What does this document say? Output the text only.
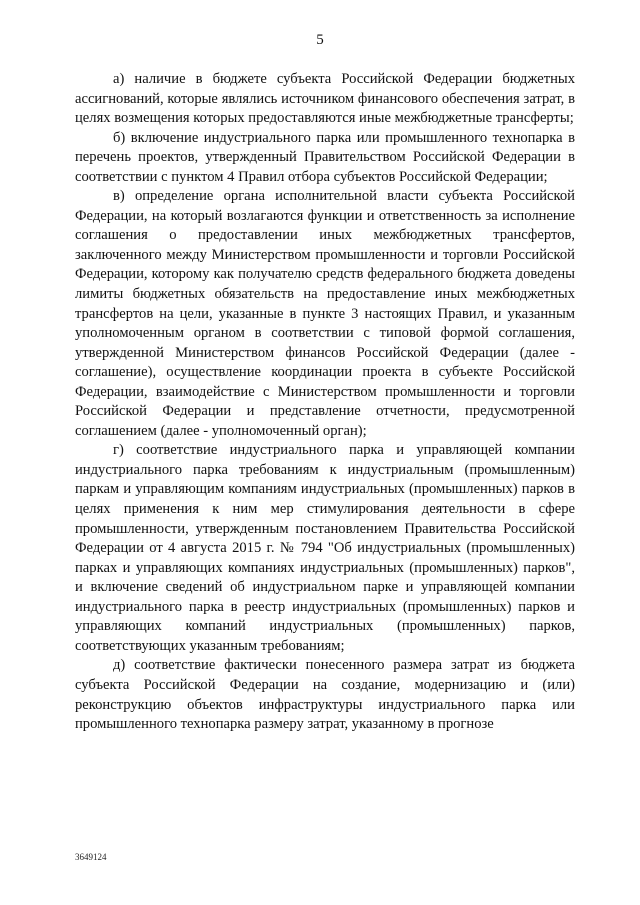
5

а) наличие в бюджете субъекта Российской Федерации бюджетных ассигнований, которые являлись источником финансового обеспечения затрат, в целях возмещения которых предоставляются иные межбюджетные трансферты;

б) включение индустриального парка или промышленного технопарка в перечень проектов, утвержденный Правительством Российской Федерации в соответствии с пунктом 4 Правил отбора субъектов Российской Федерации;

в) определение органа исполнительной власти субъекта Российской Федерации, на который возлагаются функции и ответственность за исполнение соглашения о предоставлении иных межбюджетных трансфертов, заключенного между Министерством промышленности и торговли Российской Федерации, которому как получателю средств федерального бюджета доведены лимиты бюджетных обязательств на предоставление иных межбюджетных трансфертов на цели, указанные в пункте 3 настоящих Правил, и указанным уполномоченным органом в соответствии с типовой формой соглашения, утвержденной Министерством финансов Российской Федерации (далее - соглашение), осуществление координации проекта в субъекте Российской Федерации, взаимодействие с Министерством промышленности и торговли Российской Федерации и представление отчетности, предусмотренной соглашением (далее - уполномоченный орган);

г) соответствие индустриального парка и управляющей компании индустриального парка требованиям к индустриальным (промышленным) паркам и управляющим компаниям индустриальных (промышленных) парков в целях применения к ним мер стимулирования деятельности в сфере промышленности, утвержденным постановлением Правительства Российской Федерации от 4 августа 2015 г. № 794 "Об индустриальных (промышленных) парках и управляющих компаниях индустриальных (промышленных) парков", и включение сведений об индустриальном парке и управляющей компании индустриального парка в реестр индустриальных (промышленных) парков и управляющих компаний индустриальных (промышленных) парков, соответствующих указанным требованиям;

д) соответствие фактически понесенного размера затрат из бюджета субъекта Российской Федерации на создание, модернизацию и (или) реконструкцию объектов инфраструктуры индустриального парка или промышленного технопарка размеру затрат, указанному в прогнозе

3649124
